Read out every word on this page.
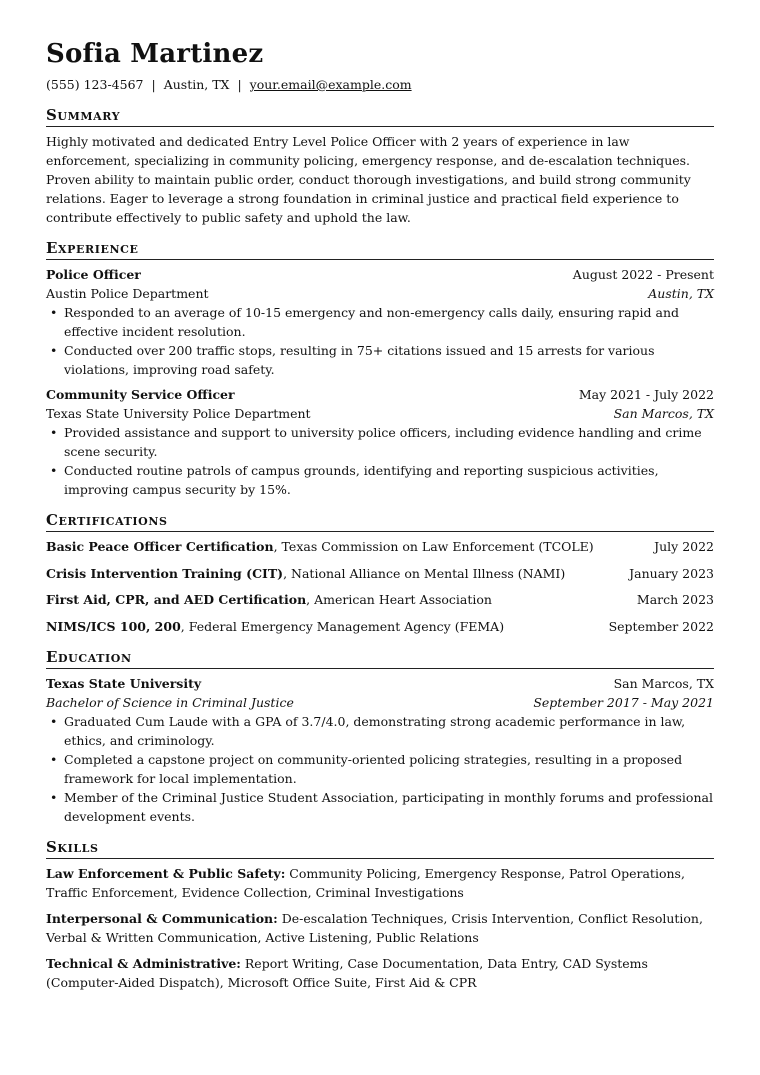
Sofia Martinez
(555) 123-4567 | Austin, TX | your.email@example.com
Summary
Highly motivated and dedicated Entry Level Police Officer with 2 years of experience in law enforcement, specializing in community policing, emergency response, and de-escalation techniques. Proven ability to maintain public order, conduct thorough investigations, and build strong community relations. Eager to leverage a strong foundation in criminal justice and practical field experience to contribute effectively to public safety and uphold the law.
Experience
Police Officer	August 2022 - Present
Austin Police Department	Austin, TX
• Responded to an average of 10-15 emergency and non-emergency calls daily, ensuring rapid and effective incident resolution.
• Conducted over 200 traffic stops, resulting in 75+ citations issued and 15 arrests for various violations, improving road safety.
Community Service Officer	May 2021 - July 2022
Texas State University Police Department	San Marcos, TX
• Provided assistance and support to university police officers, including evidence handling and crime scene security.
• Conducted routine patrols of campus grounds, identifying and reporting suspicious activities, improving campus security by 15%.
Certifications
Basic Peace Officer Certification, Texas Commission on Law Enforcement (TCOLE)	July 2022
Crisis Intervention Training (CIT), National Alliance on Mental Illness (NAMI)	January 2023
First Aid, CPR, and AED Certification, American Heart Association	March 2023
NIMS/ICS 100, 200, Federal Emergency Management Agency (FEMA)	September 2022
Education
Texas State University	San Marcos, TX
Bachelor of Science in Criminal Justice	September 2017 - May 2021
• Graduated Cum Laude with a GPA of 3.7/4.0, demonstrating strong academic performance in law, ethics, and criminology.
• Completed a capstone project on community-oriented policing strategies, resulting in a proposed framework for local implementation.
• Member of the Criminal Justice Student Association, participating in monthly forums and professional development events.
Skills
Law Enforcement & Public Safety: Community Policing, Emergency Response, Patrol Operations, Traffic Enforcement, Evidence Collection, Criminal Investigations
Interpersonal & Communication: De-escalation Techniques, Crisis Intervention, Conflict Resolution, Verbal & Written Communication, Active Listening, Public Relations
Technical & Administrative: Report Writing, Case Documentation, Data Entry, CAD Systems (Computer-Aided Dispatch), Microsoft Office Suite, First Aid & CPR
